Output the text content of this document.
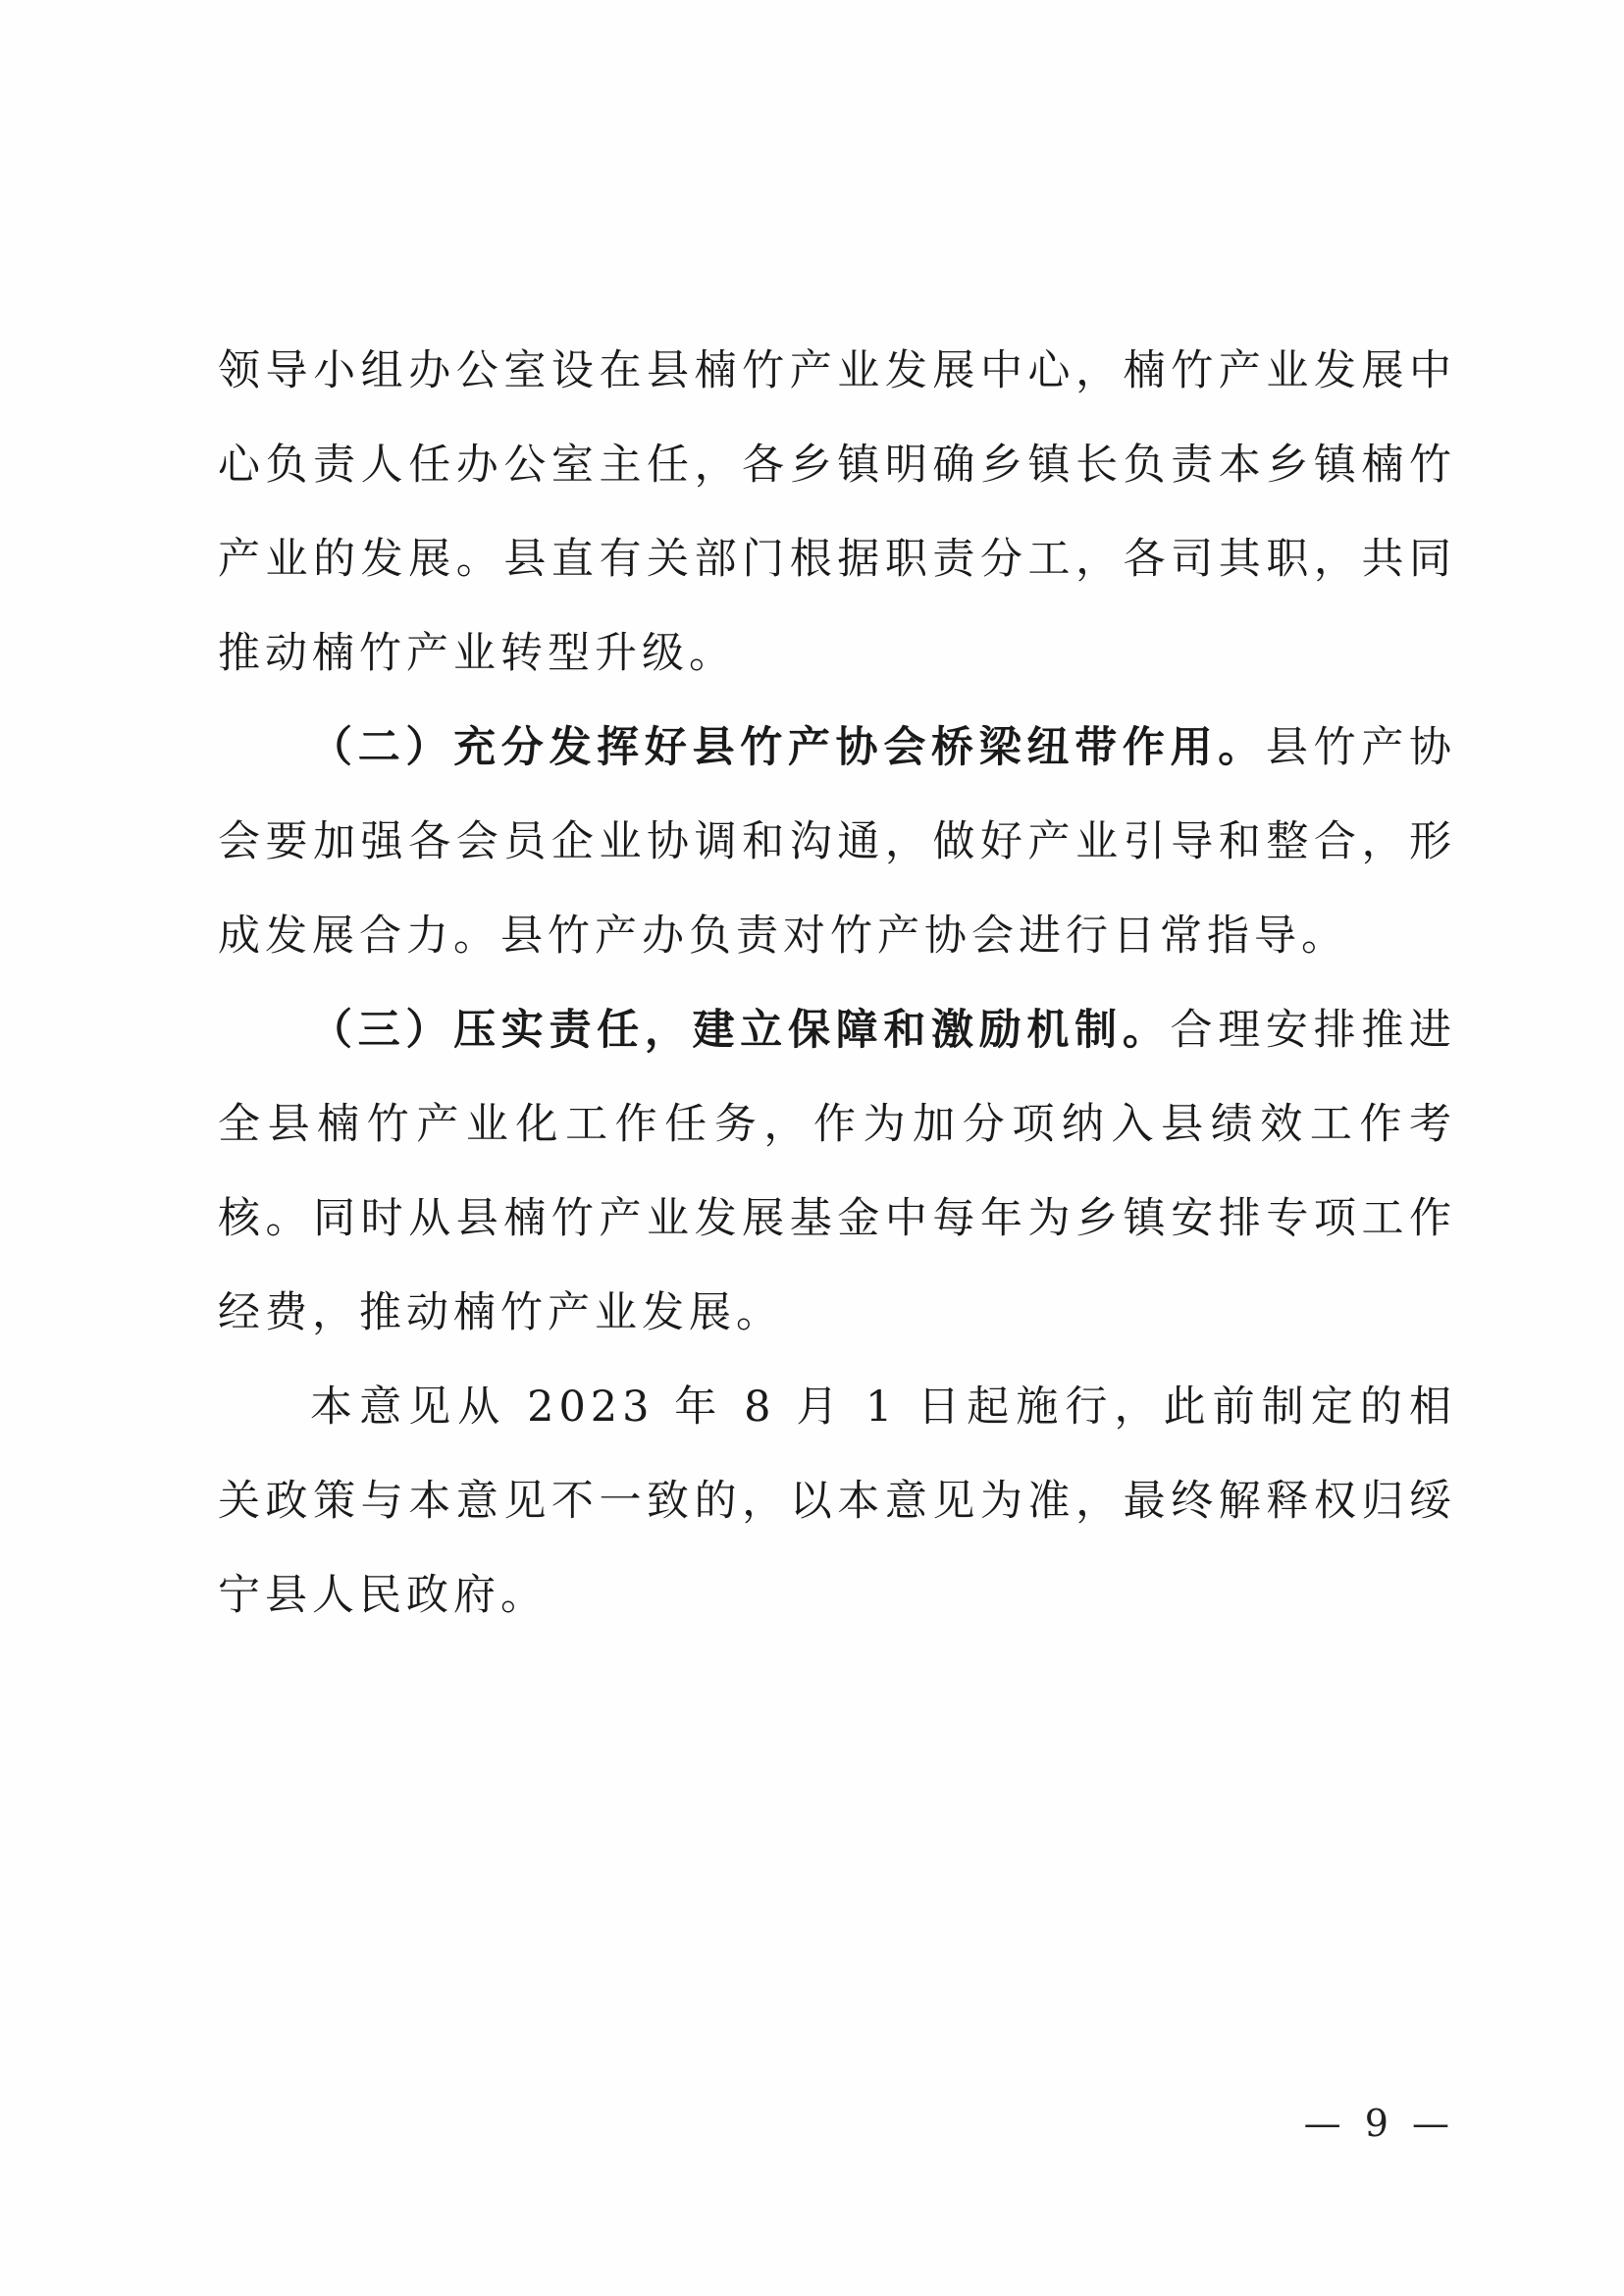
领导小组办公室设在县楠竹产业发展中心，楠竹产业发展中心负责人任办公室主任，各乡镇明确乡镇长负责本乡镇楠竹产业的发展。县直有关部门根据职责分工，各司其职，共同推动楠竹产业转型升级。

（二）充分发挥好县竹产协会桥梁纽带作用。县竹产协会要加强各会员企业协调和沟通，做好产业引导和整合，形成发展合力。县竹产办负责对竹产协会进行日常指导。

（三）压实责任，建立保障和激励机制。合理安排推进全县楠竹产业化工作任务，作为加分项纳入县绩效工作考核。同时从县楠竹产业发展基金中每年为乡镇安排专项工作经费，推动楠竹产业发展。

本意见从 2023 年 8 月 1 日起施行，此前制定的相关政策与本意见不一致的，以本意见为准，最终解释权归绥宁县人民政府。

— 9 —
